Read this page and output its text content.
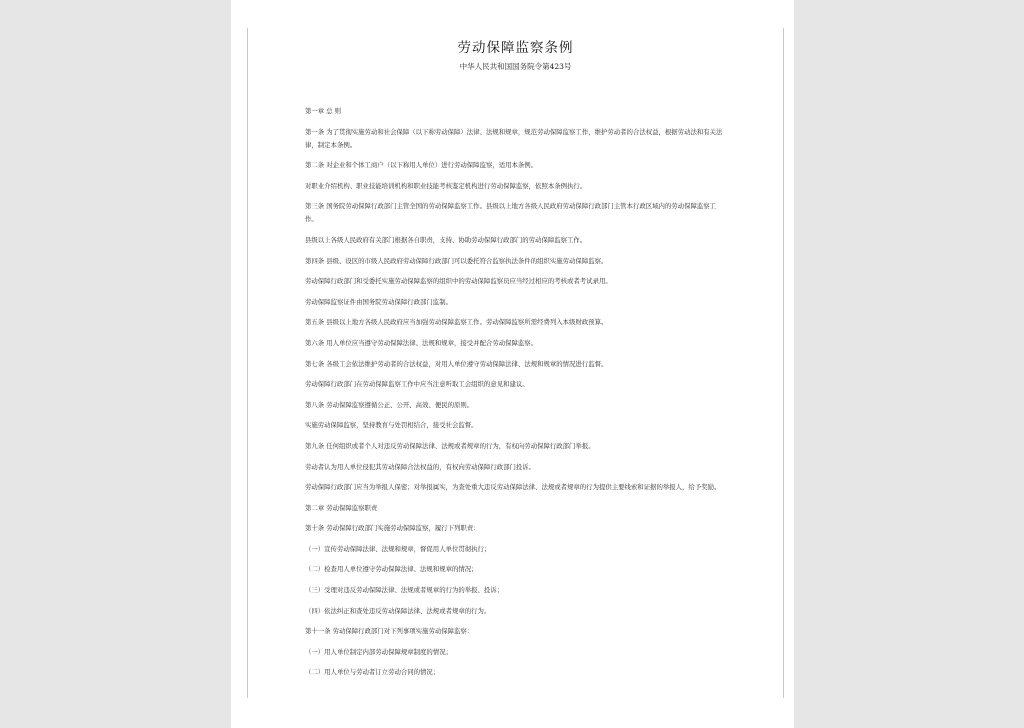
劳动保障监察条例
中华人民共和国国务院令第423号

第一章 总 则

第一条 为了贯彻实施劳动和社会保障（以下称劳动保障）法律、法规和规章，规范劳动保障监察工作，维护劳动者的合法权益，根据劳动法和有关法律，制定本条例。

第二条 对企业和个体工商户（以下称用人单位）进行劳动保障监察，适用本条例。

对职业介绍机构、职业技能培训机构和职业技能考核鉴定机构进行劳动保障监察，依照本条例执行。

第三条 国务院劳动保障行政部门主管全国的劳动保障监察工作。县级以上地方各级人民政府劳动保障行政部门主管本行政区域内的劳动保障监察工作。

县级以上各级人民政府有关部门根据各自职责，支持、协助劳动保障行政部门的劳动保障监察工作。

第四条 县级、设区的市级人民政府劳动保障行政部门可以委托符合监察执法条件的组织实施劳动保障监察。

劳动保障行政部门和受委托实施劳动保障监察的组织中的劳动保障监察员应当经过相应的考核或者考试录用。

劳动保障监察证件由国务院劳动保障行政部门监制。

第五条 县级以上地方各级人民政府应当加强劳动保障监察工作。劳动保障监察所需经费列入本级财政预算。

第六条 用人单位应当遵守劳动保障法律、法规和规章，接受并配合劳动保障监察。

第七条 各级工会依法维护劳动者的合法权益，对用人单位遵守劳动保障法律、法规和规章的情况进行监督。

劳动保障行政部门在劳动保障监察工作中应当注意听取工会组织的意见和建议。

第八条 劳动保障监察遵循公正、公开、高效、便民的原则。

实施劳动保障监察，坚持教育与处罚相结合，接受社会监督。

第九条 任何组织或者个人对违反劳动保障法律、法规或者规章的行为，有权向劳动保障行政部门举报。

劳动者认为用人单位侵犯其劳动保障合法权益的，有权向劳动保障行政部门投诉。

劳动保障行政部门应当为举报人保密；对举报属实，为查处重大违反劳动保障法律、法规或者规章的行为提供主要线索和证据的举报人，给予奖励。

第二章 劳动保障监察职责

第十条 劳动保障行政部门实施劳动保障监察，履行下列职责：

（一）宣传劳动保障法律、法规和规章，督促用人单位贯彻执行；

（二）检查用人单位遵守劳动保障法律、法规和规章的情况；

（三）受理对违反劳动保障法律、法规或者规章的行为的举报、投诉；

（四）依法纠正和查处违反劳动保障法律、法规或者规章的行为。

第十一条 劳动保障行政部门对下列事项实施劳动保障监察：

（一）用人单位制定内部劳动保障规章制度的情况；

（二）用人单位与劳动者订立劳动合同的情况；
